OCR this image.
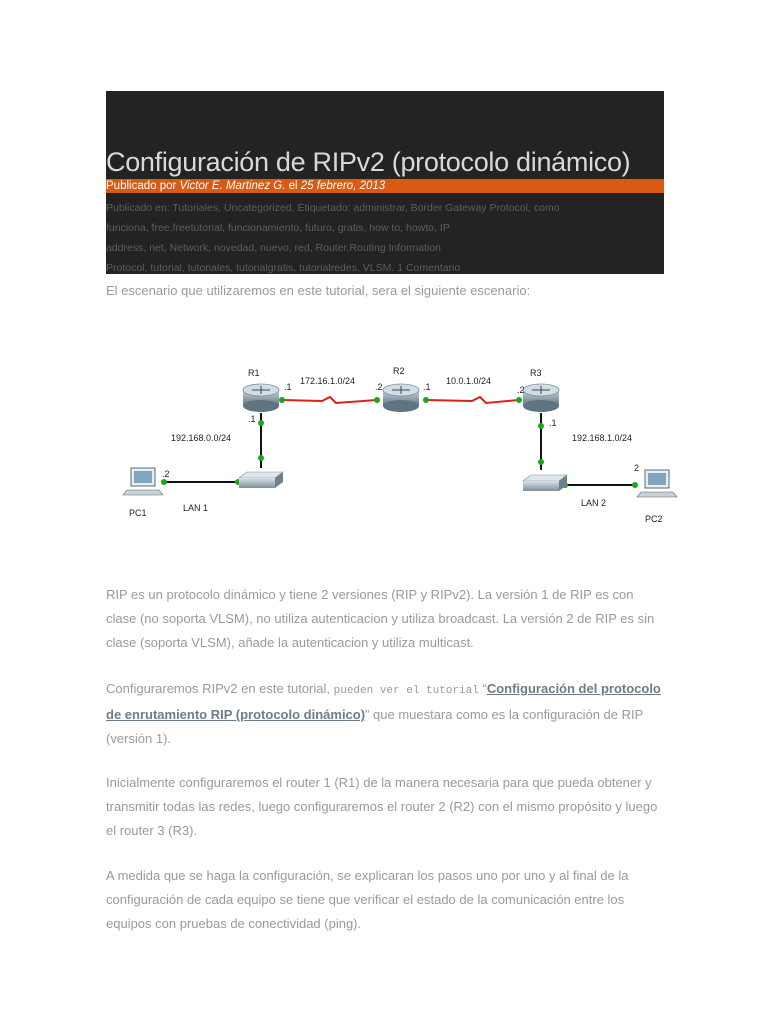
Configuración de RIPv2 (protocolo dinámico)
Publicado por Victor E. Martinez G. el 25 febrero, 2013

Publicado en: Tutoriales, Uncategorized. Etiquetado: administrar, Border Gateway Protocol, como

funciona, free,freetutorial, funcionamiento, futuro, gratis, how to, howto, IP

address, net, Network, novedad, nuevo, red, Router,Routing Information

Protocol, tutorial, tutoriales, tutorialgratis, tutorialredes, VLSM. 1 Comentario

El escenario que utilizaremos en este tutorial, sera el siguiente escenario:

R1	R2	R3
172.16.1.0/24	10.0.1.0/24
192.168.0.0/24	192.168.1.0/24
.1	.2	.1	.2
.1	.1
.2
2
LAN 1	LAN 2
PC1
PC2

RIP es un protocolo dinámico y tiene 2 versiones (RIP y RIPv2). La versión 1 de RIP es con clase (no soporta VLSM), no utiliza autenticacion y utiliza broadcast. La versión 2 de RIP es sin clase (soporta VLSM), añade la autenticacion y utiliza multicast.

Configuraremos RIPv2 en este tutorial, pueden ver el tutorial “Configuración del protocolo de enrutamiento RIP (protocolo dinámico)” que muestara como es la configuración de RIP (versión 1).

Inicialmente configuraremos el router 1 (R1) de la manera necesaria para que pueda obtener y transmitir todas las redes, luego configuraremos el router 2 (R2) con el mismo propósito y luego el router 3 (R3).

A medida que se haga la configuración, se explicaran los pasos uno por uno y al final de la configuración de cada equipo se tiene que verificar el estado de la comunicación entre los equipos con pruebas de conectividad (ping).
